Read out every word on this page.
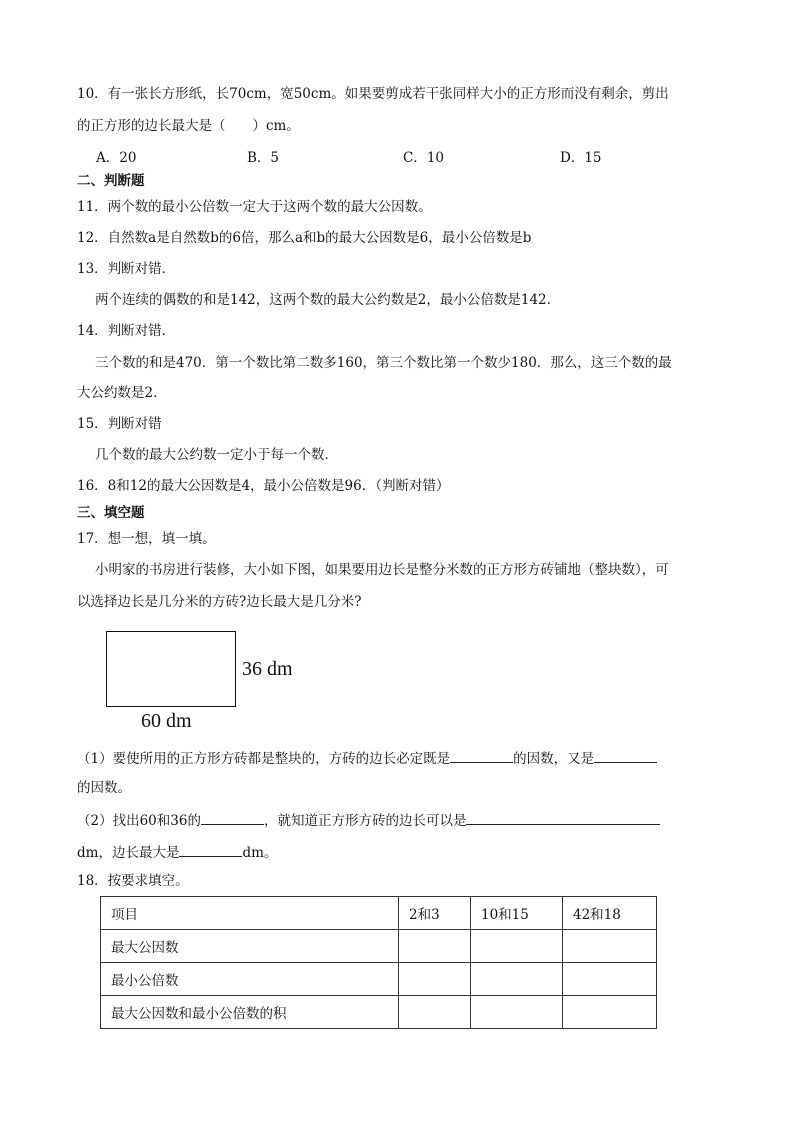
10．有一张长方形纸，长70cm，宽50cm。如果要剪成若干张同样大小的正方形而没有剩余，剪出
的正方形的边长最大是（　　）cm。
A．20	B．5	C．10	D．15
二、判断题
11．两个数的最小公倍数一定大于这两个数的最大公因数。
12．自然数a是自然数b的6倍，那么a和b的最大公因数是6，最小公倍数是b
13．判断对错．
两个连续的偶数的和是142，这两个数的最大公约数是2，最小公倍数是142．
14．判断对错．
三个数的和是470．第一个数比第二数多160，第三个数比第一个数少180．那么，这三个数的最
大公约数是2．
15．判断对错
几个数的最大公约数一定小于每一个数．
16．8和12的最大公因数是4，最小公倍数是96．（判断对错）
三、填空题
17．想一想，填一填。
小明家的书房进行装修，大小如下图，如果要用边长是整分米数的正方形方砖铺地（整块数），可
以选择边长是几分米的方砖?边长最大是几分米?
36 dm
60 dm
（1）要使所用的正方形方砖都是整块的，方砖的边长必定既是	的因数，又是
的因数。
（2）找出60和36的	，就知道正方形方砖的边长可以是
dm，边长最大是	dm。
18．按要求填空。
项目	2和3	10和15	42和18
最大公因数			
最小公倍数			
最大公因数和最小公倍数的积			
